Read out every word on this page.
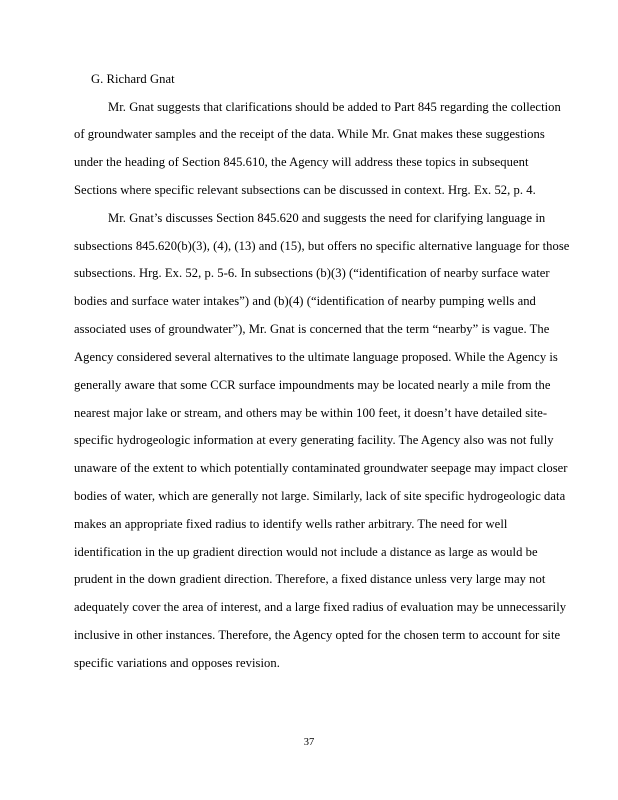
G. Richard Gnat
Mr. Gnat suggests that clarifications should be added to Part 845 regarding the collection
of groundwater samples and the receipt of the data. While Mr. Gnat makes these suggestions
under the heading of Section 845.610, the Agency will address these topics in subsequent
Sections where specific relevant subsections can be discussed in context. Hrg. Ex. 52, p. 4.
Mr. Gnat’s discusses Section 845.620 and suggests the need for clarifying language in
subsections 845.620(b)(3), (4), (13) and (15), but offers no specific alternative language for those
subsections. Hrg. Ex. 52, p. 5-6. In subsections (b)(3) (“identification of nearby surface water
bodies and surface water intakes”) and (b)(4) (“identification of nearby pumping wells and
associated uses of groundwater”), Mr. Gnat is concerned that the term “nearby” is vague. The
Agency considered several alternatives to the ultimate language proposed. While the Agency is
generally aware that some CCR surface impoundments may be located nearly a mile from the
nearest major lake or stream, and others may be within 100 feet, it doesn’t have detailed site-
specific hydrogeologic information at every generating facility. The Agency also was not fully
unaware of the extent to which potentially contaminated groundwater seepage may impact closer
bodies of water, which are generally not large. Similarly, lack of site specific hydrogeologic data
makes an appropriate fixed radius to identify wells rather arbitrary. The need for well
identification in the up gradient direction would not include a distance as large as would be
prudent in the down gradient direction. Therefore, a fixed distance unless very large may not
adequately cover the area of interest, and a large fixed radius of evaluation may be unnecessarily
inclusive in other instances. Therefore, the Agency opted for the chosen term to account for site
specific variations and opposes revision.
37
